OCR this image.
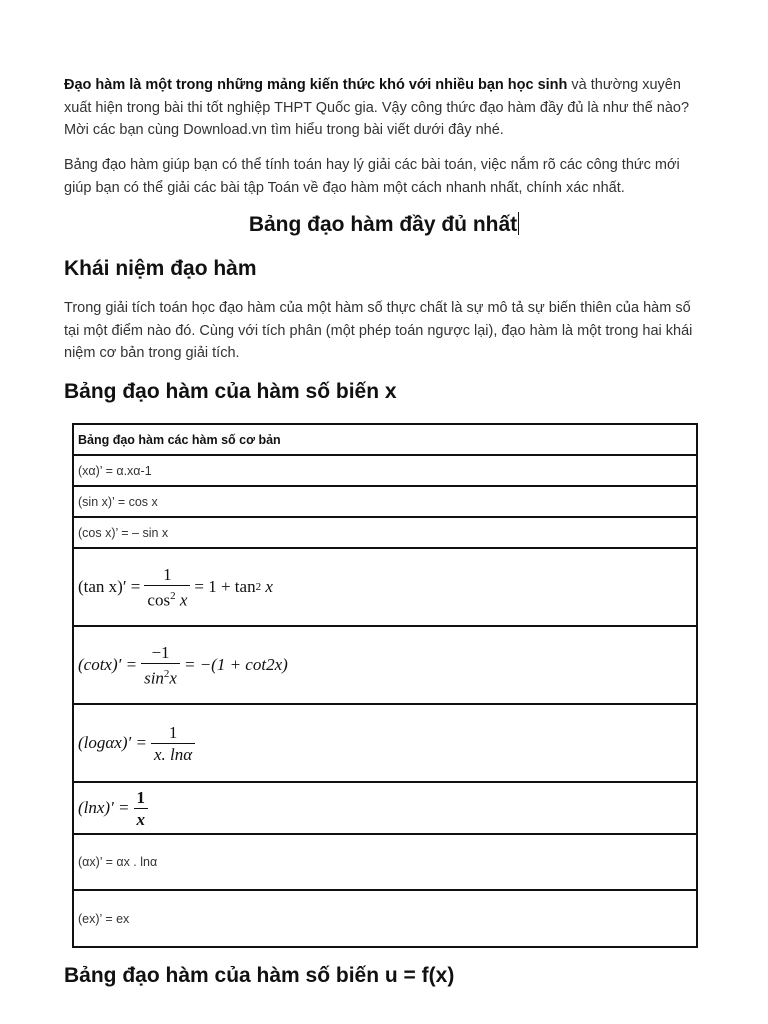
Đạo hàm là một trong những mảng kiến thức khó với nhiều bạn học sinh và thường xuyên xuất hiện trong bài thi tốt nghiệp THPT Quốc gia. Vậy công thức đạo hàm đầy đủ là như thế nào? Mời các bạn cùng Download.vn tìm hiểu trong bài viết dưới đây nhé.

Bảng đạo hàm giúp bạn có thể tính toán hay lý giải các bài toán, việc nắm rõ các công thức mới giúp bạn có thể giải các bài tập Toán về đạo hàm một cách nhanh nhất, chính xác nhất.

Bảng đạo hàm đầy đủ nhất
Khái niệm đạo hàm

Trong giải tích toán học đạo hàm của một hàm số thực chất là sự mô tả sự biến thiên của hàm số tại một điểm nào đó. Cùng với tích phân (một phép toán ngược lại), đạo hàm là một trong hai khái niệm cơ bản trong giải tích.

Bảng đạo hàm của hàm số biến x
Bảng đạo hàm các hàm số cơ bản
(xα)’ = α.xα-1
(sin x)’ = cos x
(cos x)’ = – sin x

(tan $x)' = \frac{1}{\cos^2 x} = 1 + \tan 2$
x

$(\cot x)' = \frac{-1}{\sin^2x} = -(1 + \cot 2x)$

$(\log\alpha x)' = \frac{1}{x. \ln\alpha}$

$(\ln x)' = \frac{1}{x}$

(αx)’ = αx . lnα
(ex)’ = ex
Bảng đạo hàm của hàm số biến u = f(x)
